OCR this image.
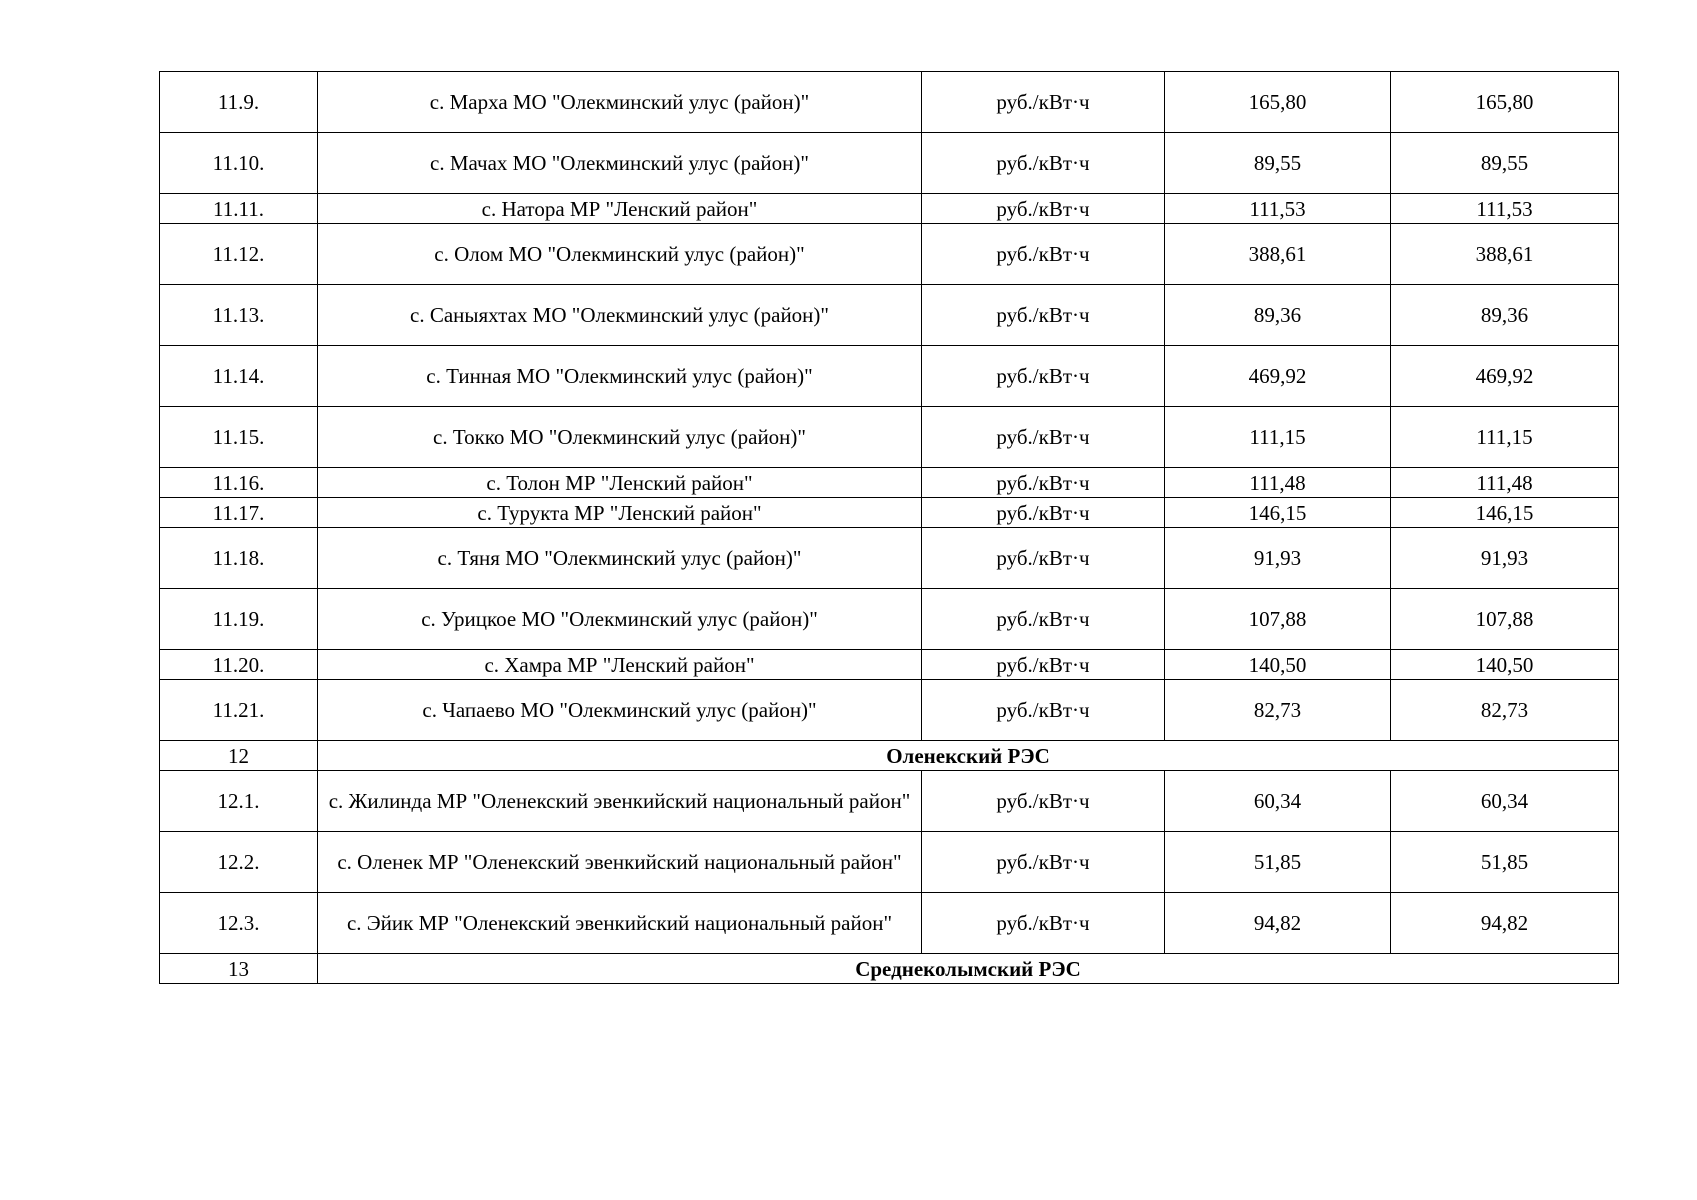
11.9.	с. Марха МО "Олекминский улус (район)"	руб./кВт·ч	165,80	165,80
11.10.	с. Мачах МО "Олекминский улус (район)"	руб./кВт·ч	89,55	89,55
11.11.	с. Натора МР "Ленский район"	руб./кВт·ч	111,53	111,53
11.12.	с. Олом МО "Олекминский улус (район)"	руб./кВт·ч	388,61	388,61
11.13.	с. Саныяхтах МО "Олекминский улус (район)"	руб./кВт·ч	89,36	89,36
11.14.	с. Тинная МО "Олекминский улус (район)"	руб./кВт·ч	469,92	469,92
11.15.	с. Токко МО "Олекминский улус (район)"	руб./кВт·ч	111,15	111,15
11.16.	с. Толон МР "Ленский район"	руб./кВт·ч	111,48	111,48
11.17.	с. Турукта МР "Ленский район"	руб./кВт·ч	146,15	146,15
11.18.	с. Тяня МО "Олекминский улус (район)"	руб./кВт·ч	91,93	91,93
11.19.	с. Урицкое МО "Олекминский улус (район)"	руб./кВт·ч	107,88	107,88
11.20.	с. Хамра МР "Ленский район"	руб./кВт·ч	140,50	140,50
11.21.	с. Чапаево МО "Олекминский улус (район)"	руб./кВт·ч	82,73	82,73
12	Оленекский РЭС			
12.1.	с. Жилинда МР "Оленекский эвенкийский национальный район"	руб./кВт·ч	60,34	60,34
12.2.	с. Оленек МР "Оленекский эвенкийский национальный район"	руб./кВт·ч	51,85	51,85
12.3.	с. Эйик МР "Оленекский эвенкийский национальный район"	руб./кВт·ч	94,82	94,82
13	Среднеколымский РЭС			
